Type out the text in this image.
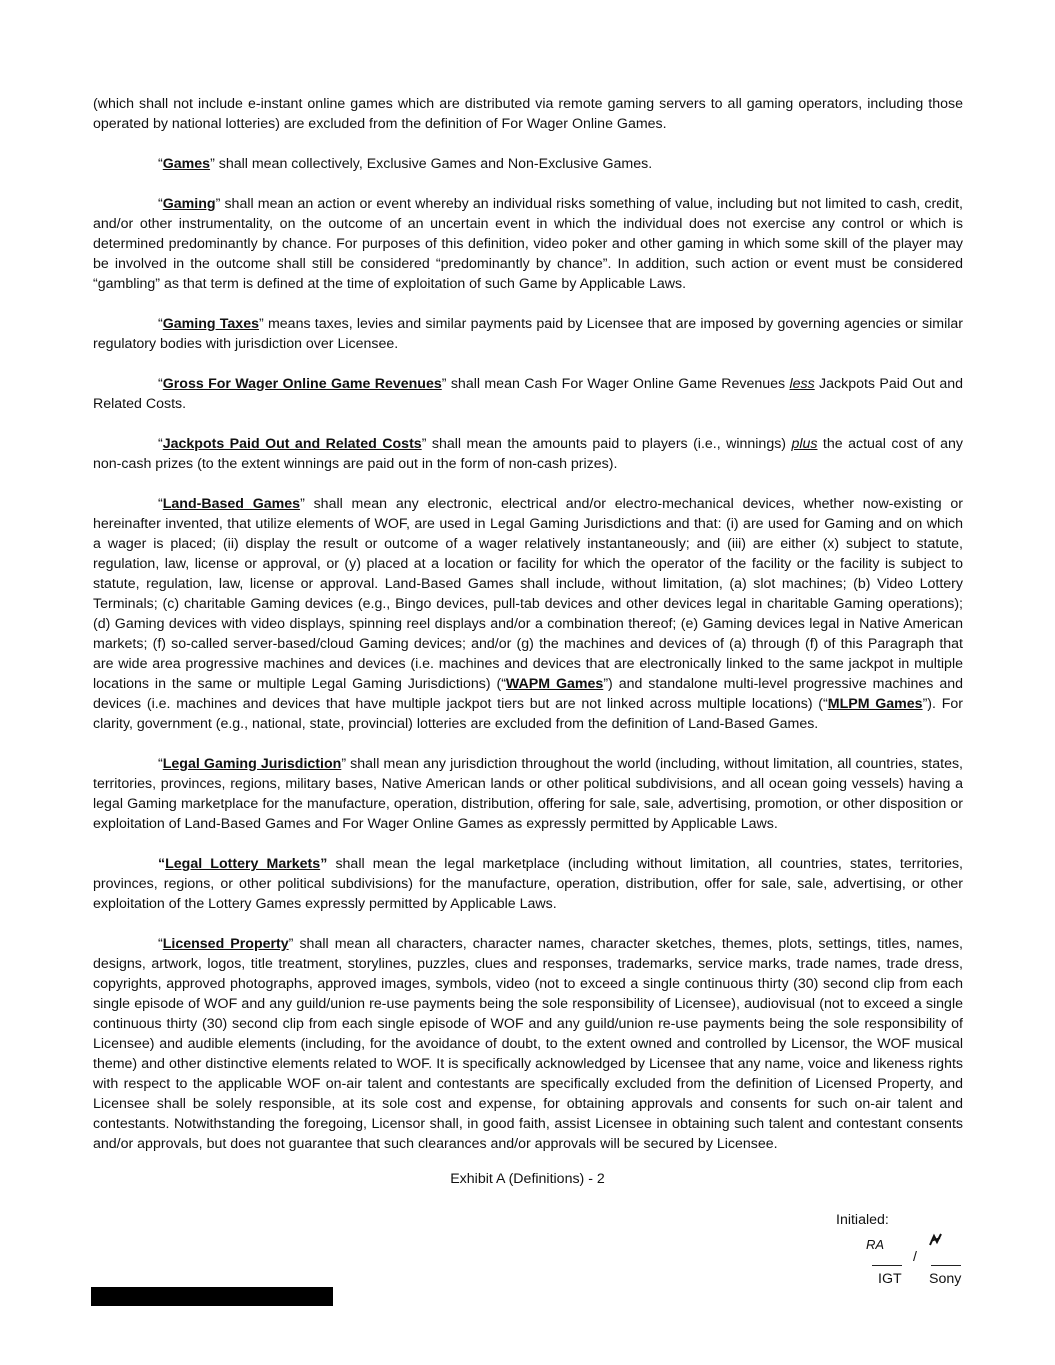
(which shall not include e-instant online games which are distributed via remote gaming servers to all gaming operators, including those operated by national lotteries) are excluded from the definition of For Wager Online Games.

“Games” shall mean collectively, Exclusive Games and Non-Exclusive Games.

“Gaming” shall mean an action or event whereby an individual risks something of value, including but not limited to cash, credit, and/or other instrumentality, on the outcome of an uncertain event in which the individual does not exercise any control or which is determined predominantly by chance. For purposes of this definition, video poker and other gaming in which some skill of the player may be involved in the outcome shall still be considered “predominantly by chance”. In addition, such action or event must be considered “gambling” as that term is defined at the time of exploitation of such Game by Applicable Laws.

“Gaming Taxes” means taxes, levies and similar payments paid by Licensee that are imposed by governing agencies or similar regulatory bodies with jurisdiction over Licensee.

“Gross For Wager Online Game Revenues” shall mean Cash For Wager Online Game Revenues less Jackpots Paid Out and Related Costs.

“Jackpots Paid Out and Related Costs” shall mean the amounts paid to players (i.e., winnings) plus the actual cost of any non-cash prizes (to the extent winnings are paid out in the form of non-cash prizes).

“Land-Based Games” shall mean any electronic, electrical and/or electro-mechanical devices, whether now-existing or hereinafter invented, that utilize elements of WOF, are used in Legal Gaming Jurisdictions and that: (i) are used for Gaming and on which a wager is placed; (ii) display the result or outcome of a wager relatively instantaneously; and (iii) are either (x) subject to statute, regulation, law, license or approval, or (y) placed at a location or facility for which the operator of the facility or the facility is subject to statute, regulation, law, license or approval. Land-Based Games shall include, without limitation, (a) slot machines; (b) Video Lottery Terminals; (c) charitable Gaming devices (e.g., Bingo devices, pull-tab devices and other devices legal in charitable Gaming operations); (d) Gaming devices with video displays, spinning reel displays and/or a combination thereof; (e) Gaming devices legal in Native American markets; (f) so-called server-based/cloud Gaming devices; and/or (g) the machines and devices of (a) through (f) of this Paragraph that are wide area progressive machines and devices (i.e. machines and devices that are electronically linked to the same jackpot in multiple locations in the same or multiple Legal Gaming Jurisdictions) (“WAPM Games”) and standalone multi-level progressive machines and devices (i.e. machines and devices that have multiple jackpot tiers but are not linked across multiple locations) (“MLPM Games”). For clarity, government (e.g., national, state, provincial) lotteries are excluded from the definition of Land-Based Games.

“Legal Gaming Jurisdiction” shall mean any jurisdiction throughout the world (including, without limitation, all countries, states, territories, provinces, regions, military bases, Native American lands or other political subdivisions, and all ocean going vessels) having a legal Gaming marketplace for the manufacture, operation, distribution, offering for sale, sale, advertising, promotion, or other disposition or exploitation of Land-Based Games and For Wager Online Games as expressly permitted by Applicable Laws.

“Legal Lottery Markets” shall mean the legal marketplace (including without limitation, all countries, states, territories, provinces, regions, or other political subdivisions) for the manufacture, operation, distribution, offer for sale, sale, advertising, or other exploitation of the Lottery Games expressly permitted by Applicable Laws.

“Licensed Property” shall mean all characters, character names, character sketches, themes, plots, settings, titles, names, designs, artwork, logos, title treatment, storylines, puzzles, clues and responses, trademarks, service marks, trade names, trade dress, copyrights, approved photographs, approved images, symbols, video (not to exceed a single continuous thirty (30) second clip from each single episode of WOF and any guild/union re-use payments being the sole responsibility of Licensee), audiovisual (not to exceed a single continuous thirty (30) second clip from each single episode of WOF and any guild/union re-use payments being the sole responsibility of Licensee) and audible elements (including, for the avoidance of doubt, to the extent owned and controlled by Licensor, the WOF musical theme) and other distinctive elements related to WOF. It is specifically acknowledged by Licensee that any name, voice and likeness rights with respect to the applicable WOF on-air talent and contestants are specifically excluded from the definition of Licensed Property, and Licensee shall be solely responsible, at its sole cost and expense, for obtaining approvals and consents for such on-air talent and contestants. Notwithstanding the foregoing, Licensor shall, in good faith, assist Licensee in obtaining such talent and contestant consents and/or approvals, but does not guarantee that such clearances and/or approvals will be secured by Licensee.

Exhibit A (Definitions) - 2
Initialed:
RA
/
IGT Sony
